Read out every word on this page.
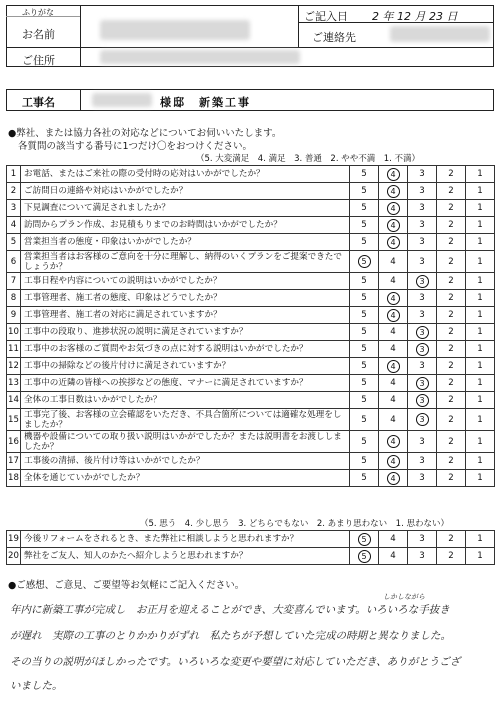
ふりがな
お名前
ご住所
ご記入日 2 年 12 月 23 日
ご連絡先
工事名	様邸　新築工事
●弊社、または協力各社の対応などについてお伺いいたします。
各質問の該当する番号に1つだけ〇をおつけください。
（5. 大変満足　4. 満足　3. 普通　2. やや不満　1. 不満）
1	お電話、またはご来社の際の受付時の応対はいかがでしたか？	5	4	3	2	1
2	ご訪問日の連絡や対応はいかがでしたか？	5	4	3	2	1
3	下見調査について満足されましたか？	5	4	3	2	1
4	訪問からプラン作成、お見積もりまでのお時間はいかがでしたか？	5	4	3	2	1
5	営業担当者の態度・印象はいかがでしたか？	5	4	3	2	1
6	営業担当者はお客様のご意向を十分に理解し、納得のいくプランをご提案できたでしょうか？	5	4	3	2	1
7	工事日程や内容についての説明はいかがでしたか？	5	4	3	2	1
8	工事管理者、施工者の態度、印象はどうでしたか？	5	4	3	2	1
9	工事管理者、施工者の対応に満足されていますか？	5	4	3	2	1
10	工事中の段取り、進捗状況の説明に満足されていますか？	5	4	3	2	1
11	工事中のお客様のご質問やお気づきの点に対する説明はいかがでしたか？	5	4	3	2	1
12	工事中の掃除などの後片付けに満足されていますか？	5	4	3	2	1
13	工事中の近隣の皆様への挨拶などの態度、マナーに満足されていますか？	5	4	3	2	1
14	全体の工事日数はいかがでしたか？	5	4	3	2	1
15	工事完了後、お客様の立会確認をいただき、不具合箇所については適確な処理をしましたか？	5	4	3	2	1
16	機器や設備についての取り扱い説明はいかがでしたか？または説明書をお渡ししましたか？	5	4	3	2	1
17	工事後の清掃、後片付け等はいかがでしたか？	5	4	3	2	1
18	全体を通じていかがでしたか？	5	4	3	2	1
（5. 思う　4. 少し思う　3. どちらでもない　2. あまり思わない　1. 思わない）
19	今後リフォームをされるとき、また弊社に相談しようと思われますか？	5	4	3	2	1
20	弊社をご友人、知人のかたへ紹介しようと思われますか？	5	4	3	2	1
●ご感想、ご意見、ご要望等お気軽にご記入ください。
しかしながら
年内に新築工事が完成し　お正月を迎えることができ、大変喜んでいます。いろいろな手抜き
が遅れ　実際の工事のとりかかりがずれ　私たちが予想していた完成の時期と異なりました。
その当りの説明がほしかったです。いろいろな変更や要望に対応していただき、ありがとうござ
いました。
